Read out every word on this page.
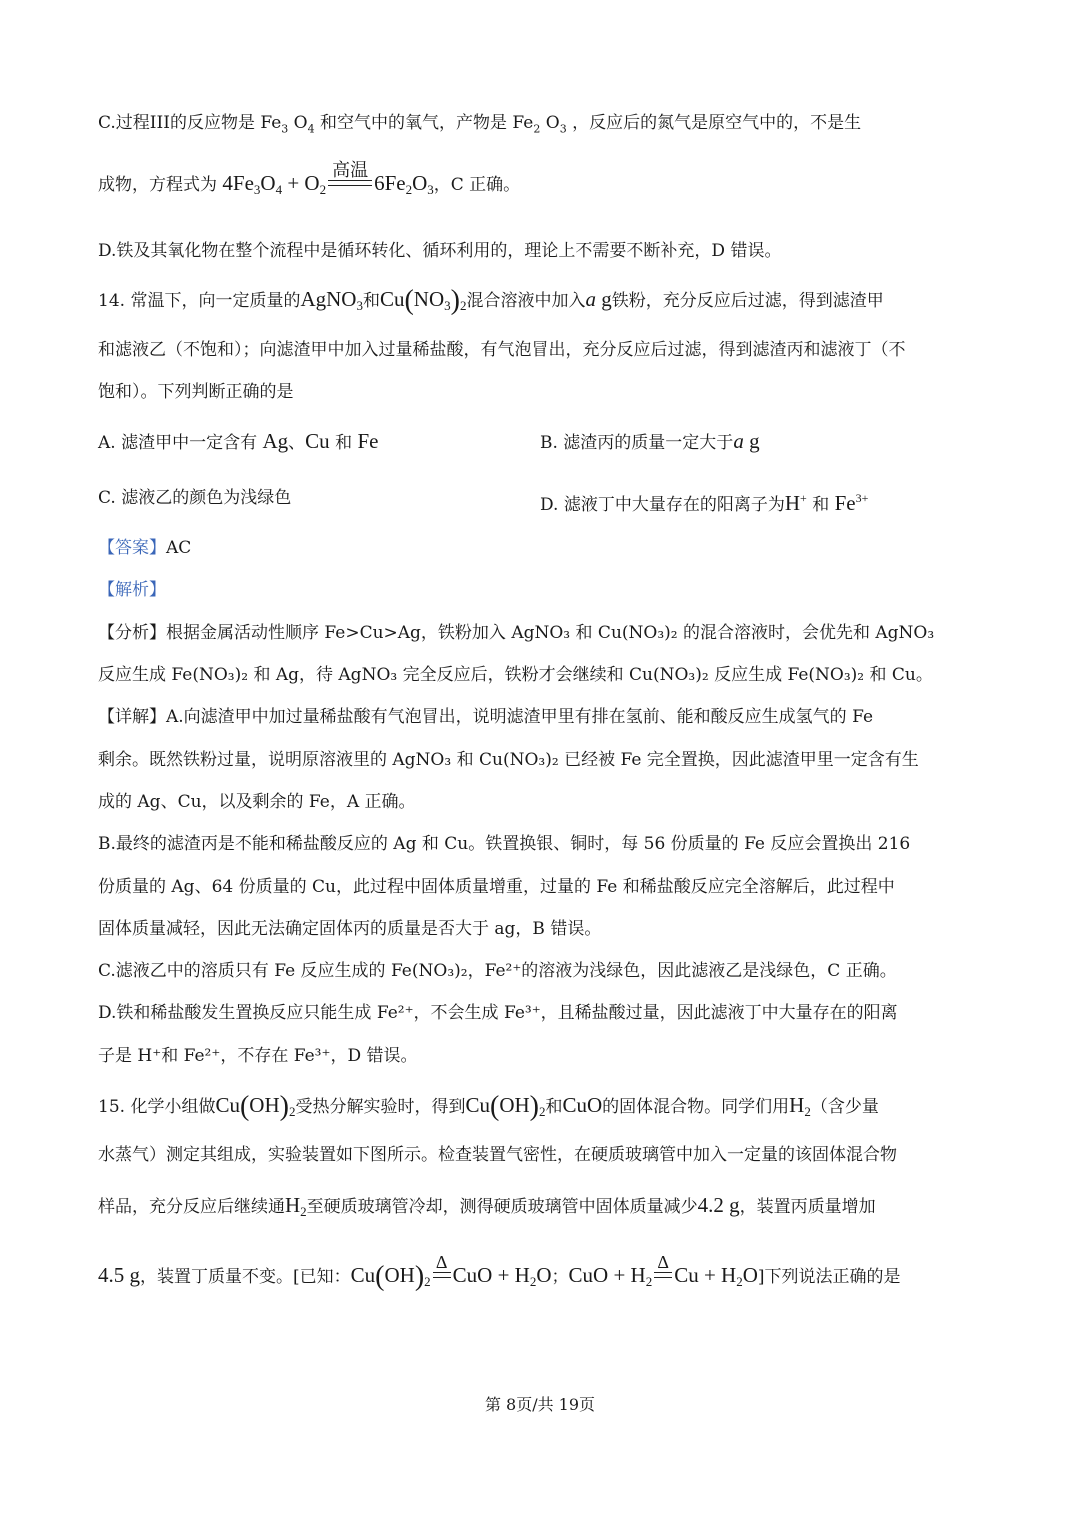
C.过程III的反应物是 $Fe_3$ $O_4$ 和空气中的氧气，产物是 $Fe_2$ $O_3$ ，反应后的氮气是原空气中的，不是生
成物，方程式为 $4Fe_3O_4 + O_2$
高温
$6Fe_2O_3$，C 正确。
D.铁及其氧化物在整个流程中是循环转化、循环利用的，理论上不需要不断补充，D 错误。
14. 常温下，向一定质量的AgNO$_3$和$Cu(NO_3)_2$混合溶液中加入a g铁粉，充分反应后过滤，得到滤渣甲
和滤液乙（不饱和）；向滤渣甲中加入过量稀盐酸，有气泡冒出，充分反应后过滤，得到滤渣丙和滤液丁（不
饱和）。下列判断正确的是
A. 滤渣甲中一定含有 Ag、Cu 和 Fe	B. 滤渣丙的质量一定大于a g
C. 滤液乙的颜色为浅绿色	D. 滤液丁中大量存在的阳离子为H+ 和 $Fe^{3+}$
【答案】AC
【解析】
【分析】根据金属活动性顺序 Fe>Cu>Ag，铁粉加入 AgNO₃ 和 Cu(NO₃)₂ 的混合溶液时，会优先和 AgNO₃
反应生成 Fe(NO₃)₂ 和 Ag，待 AgNO₃ 完全反应后，铁粉才会继续和 Cu(NO₃)₂ 反应生成 Fe(NO₃)₂ 和 Cu。
【详解】A.向滤渣甲中加过量稀盐酸有气泡冒出，说明滤渣甲里有排在氢前、能和酸反应生成氢气的 Fe
剩余。既然铁粉过量，说明原溶液里的 AgNO₃ 和 Cu(NO₃)₂ 已经被 Fe 完全置换，因此滤渣甲里一定含有生
成的 Ag、Cu，以及剩余的 Fe，A 正确。
B.最终的滤渣丙是不能和稀盐酸反应的 Ag 和 Cu。铁置换银、铜时，每 56 份质量的 Fe 反应会置换出 216
份质量的 Ag、64 份质量的 Cu，此过程中固体质量增重，过量的 Fe 和稀盐酸反应完全溶解后，此过程中
固体质量减轻，因此无法确定固体丙的质量是否大于 ag，B 错误。
C.滤液乙中的溶质只有 Fe 反应生成的 Fe(NO₃)₂，Fe²⁺的溶液为浅绿色，因此滤液乙是浅绿色，C 正确。
D.铁和稀盐酸发生置换反应只能生成 Fe²⁺，不会生成 Fe³⁺，且稀盐酸过量，因此滤液丁中大量存在的阳离
子是 H⁺和 Fe²⁺，不存在 Fe³⁺，D 错误。
15. 化学小组做$Cu(OH)_2$受热分解实验时，得到$Cu(OH)_2$和CuO的固体混合物。同学们用$H_2$（含少量
水蒸气）测定其组成，实验装置如下图所示。检查装置气密性，在硬质玻璃管中加入一定量的该固体混合物
样品，充分反应后继续通$H_2$至硬质玻璃管冷却，测得硬质玻璃管中固体质量减少4.2 g，装置丙质量增加
4.5 g，装置丁质量不变。[已知：$Cu(OH)_2$
Δ
CuO + $H_2O$；CuO + $H_2$
Δ
$Cu + H_2O$]下列说法正确的是
第 8页/共 19页
